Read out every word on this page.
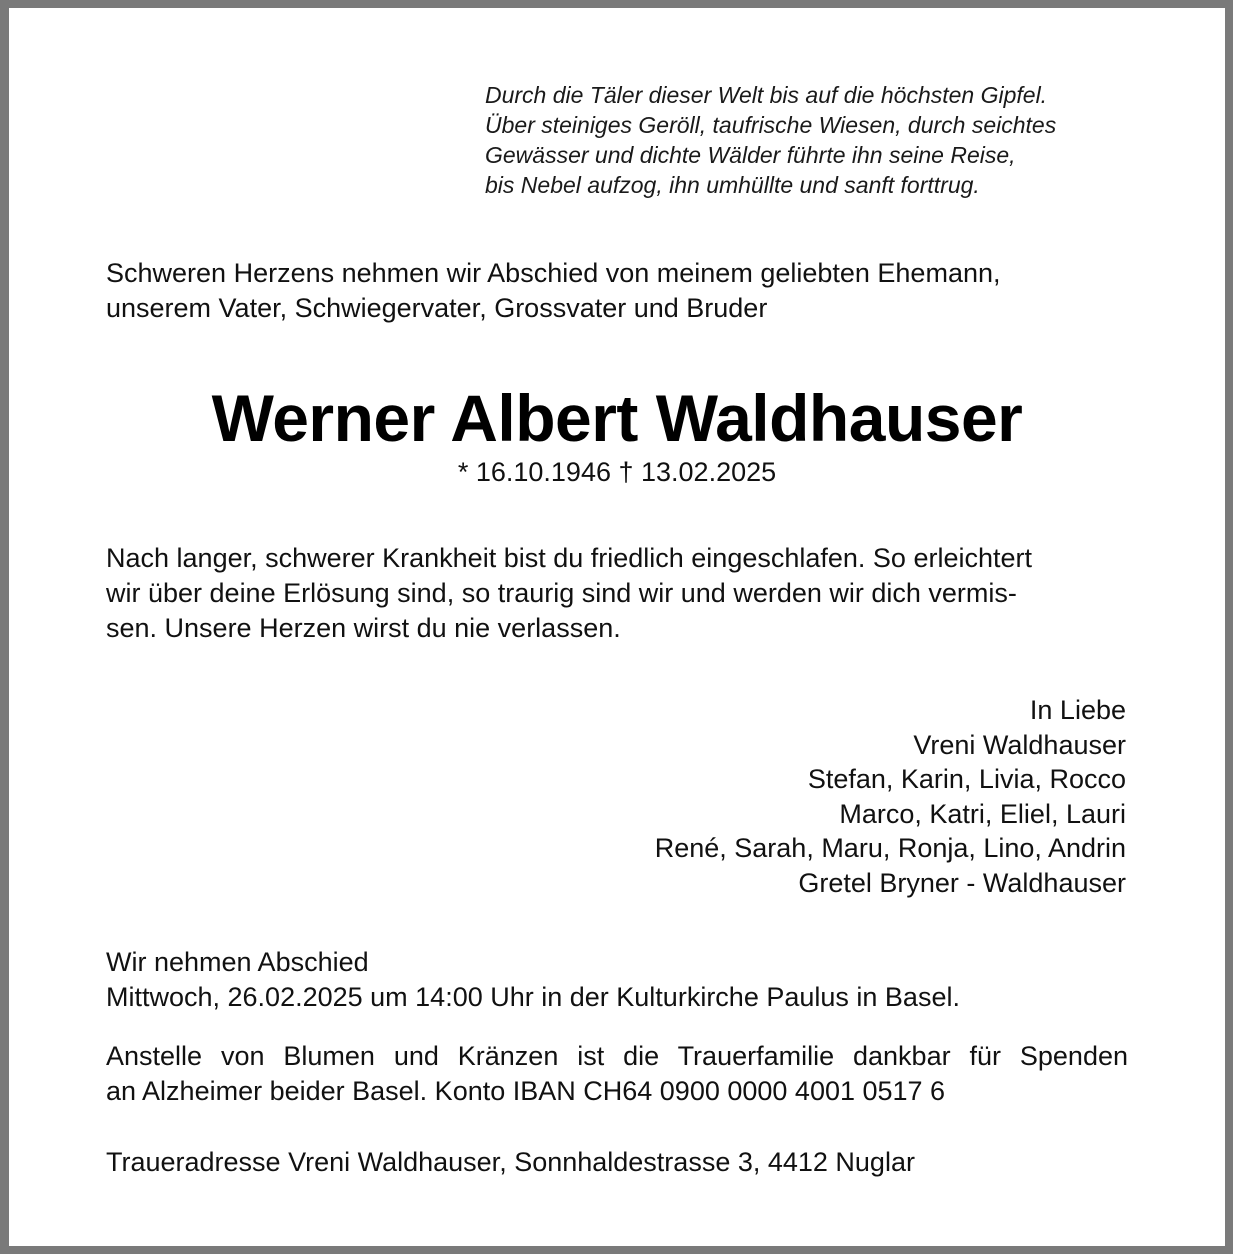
Durch die Täler dieser Welt bis auf die höchsten Gipfel.
Über steiniges Geröll, taufrische Wiesen, durch seichtes
Gewässer und dichte Wälder führte ihn seine Reise,
bis Nebel aufzog, ihn umhüllte und sanft forttrug.
Schweren Herzens nehmen wir Abschied von meinem geliebten Ehemann,
unserem Vater, Schwiegervater, Grossvater und Bruder
Werner Albert Waldhauser
* 16.10.1946 † 13.02.2025
Nach langer, schwerer Krankheit bist du friedlich eingeschlafen. So erleichtert
wir über deine Erlösung sind, so traurig sind wir und werden wir dich vermis-
sen. Unsere Herzen wirst du nie verlassen.
In Liebe
Vreni Waldhauser
Stefan, Karin, Livia, Rocco
Marco, Katri, Eliel, Lauri
René, Sarah, Maru, Ronja, Lino, Andrin
Gretel Bryner - Waldhauser
Wir nehmen Abschied
Mittwoch, 26.02.2025 um 14:00 Uhr in der Kulturkirche Paulus in Basel.
Anstelle von Blumen und Kränzen ist die Trauerfamilie dankbar für Spenden
an Alzheimer beider Basel. Konto IBAN CH64 0900 0000 4001 0517 6
Traueradresse Vreni Waldhauser, Sonnhaldestrasse 3, 4412 Nuglar
